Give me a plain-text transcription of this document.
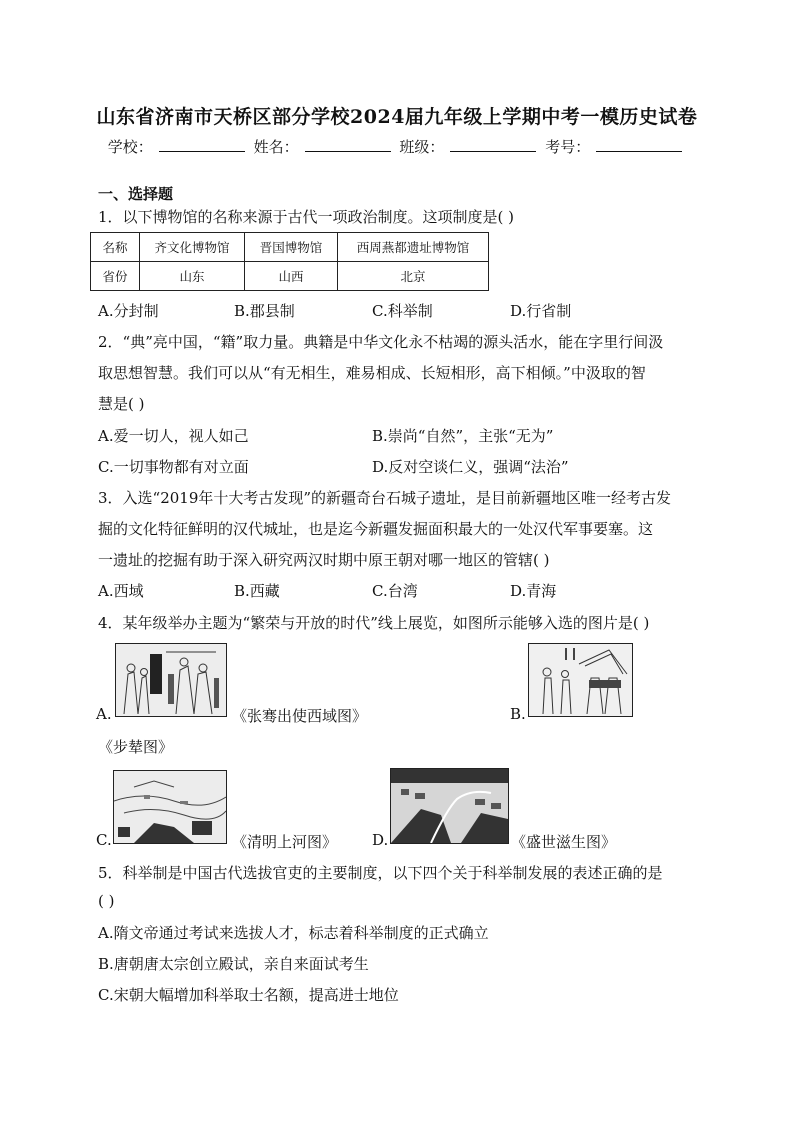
山东省济南市天桥区部分学校2024届九年级上学期中考一模历史试卷
学校：	姓名：	班级：	考号：
一、选择题
1．以下博物馆的名称来源于古代一项政治制度。这项制度是( )
名称	齐文化博物馆	晋国博物馆	西周燕都遗址博物馆
省份	山东	山西	北京
A.分封制	B.郡县制	C.科举制	D.行省制
2．“典”亮中国，“籍”取力量。典籍是中华文化永不枯竭的源头活水，能在字里行间汲
取思想智慧。我们可以从“有无相生，难易相成、长短相形，高下相倾。”中汲取的智
慧是( )
A.爱一切人，视人如己	B.崇尚“自然”，主张“无为”
C.一切事物都有对立面	D.反对空谈仁义，强调“法治”
3．入选“2019年十大考古发现”的新疆奇台石城子遗址，是目前新疆地区唯一经考古发
掘的文化特征鲜明的汉代城址，也是迄今新疆发掘面积最大的一处汉代军事要塞。这
一遗址的挖掘有助于深入研究两汉时期中原王朝对哪一地区的管辖( )
A.西域	B.西藏	C.台湾	D.青海
4．某年级举办主题为“繁荣与开放的时代”线上展览，如图所示能够入选的图片是( )
A.	《张骞出使西域图》	B.
《步辇图》
C.	《清明上河图》 D.	《盛世滋生图》
5．科举制是中国古代选拔官吏的主要制度，以下四个关于科举制发展的表述正确的是
( )
A.隋文帝通过考试来选拔人才，标志着科举制度的正式确立
B.唐朝唐太宗创立殿试，亲自来面试考生
C.宋朝大幅增加科举取士名额，提高进士地位
